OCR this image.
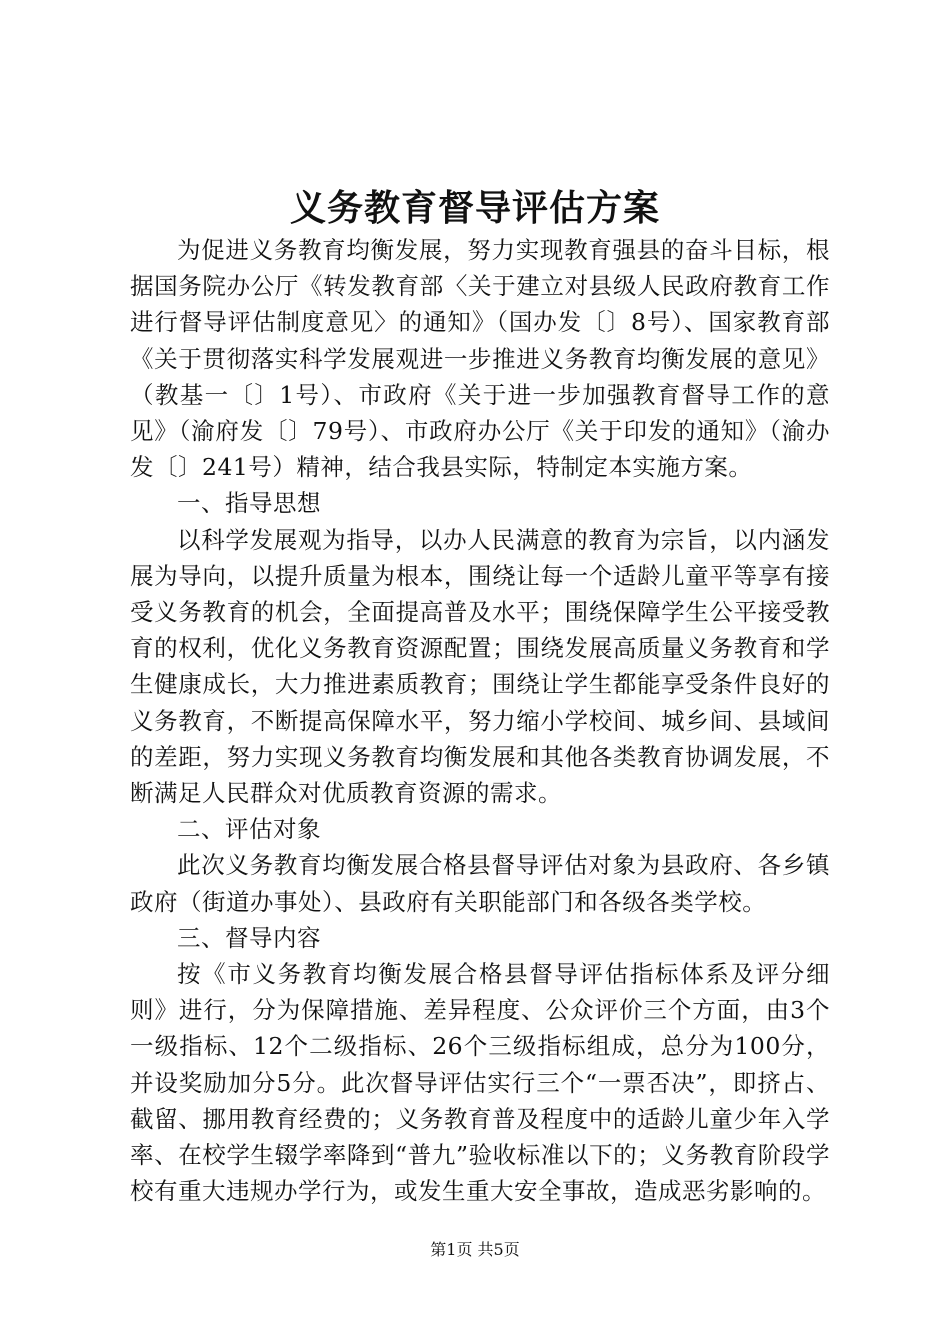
义务教育督导评估方案

为促进义务教育均衡发展，努力实现教育强县的奋斗目标，根据国务院办公厅《转发教育部〈关于建立对县级人民政府教育工作进行督导评估制度意见〉的通知》（国办发〔〕8号）、国家教育部《关于贯彻落实科学发展观进一步推进义务教育均衡发展的意见》（教基一〔〕1号）、市政府《关于进一步加强教育督导工作的意见》（渝府发〔〕79号）、市政府办公厅《关于印发的通知》（渝办发〔〕241号）精神，结合我县实际，特制定本实施方案。

一、指导思想

以科学发展观为指导，以办人民满意的教育为宗旨，以内涵发展为导向，以提升质量为根本，围绕让每一个适龄儿童平等享有接受义务教育的机会，全面提高普及水平；围绕保障学生公平接受教育的权利，优化义务教育资源配置；围绕发展高质量义务教育和学生健康成长，大力推进素质教育；围绕让学生都能享受条件良好的义务教育，不断提高保障水平，努力缩小学校间、城乡间、县域间的差距，努力实现义务教育均衡发展和其他各类教育协调发展，不断满足人民群众对优质教育资源的需求。

二、评估对象

此次义务教育均衡发展合格县督导评估对象为县政府、各乡镇政府（街道办事处）、县政府有关职能部门和各级各类学校。

三、督导内容

按《市义务教育均衡发展合格县督导评估指标体系及评分细则》进行，分为保障措施、差异程度、公众评价三个方面，由3个一级指标、12个二级指标、26个三级指标组成，总分为100分，并设奖励加分5分。此次督导评估实行三个“一票否决”，即挤占、截留、挪用教育经费的；义务教育普及程度中的适龄儿童少年入学率、在校学生辍学率降到“普九”验收标准以下的；义务教育阶段学校有重大违规办学行为，或发生重大安全事故，造成恶劣影响的。

第1页 共5页
